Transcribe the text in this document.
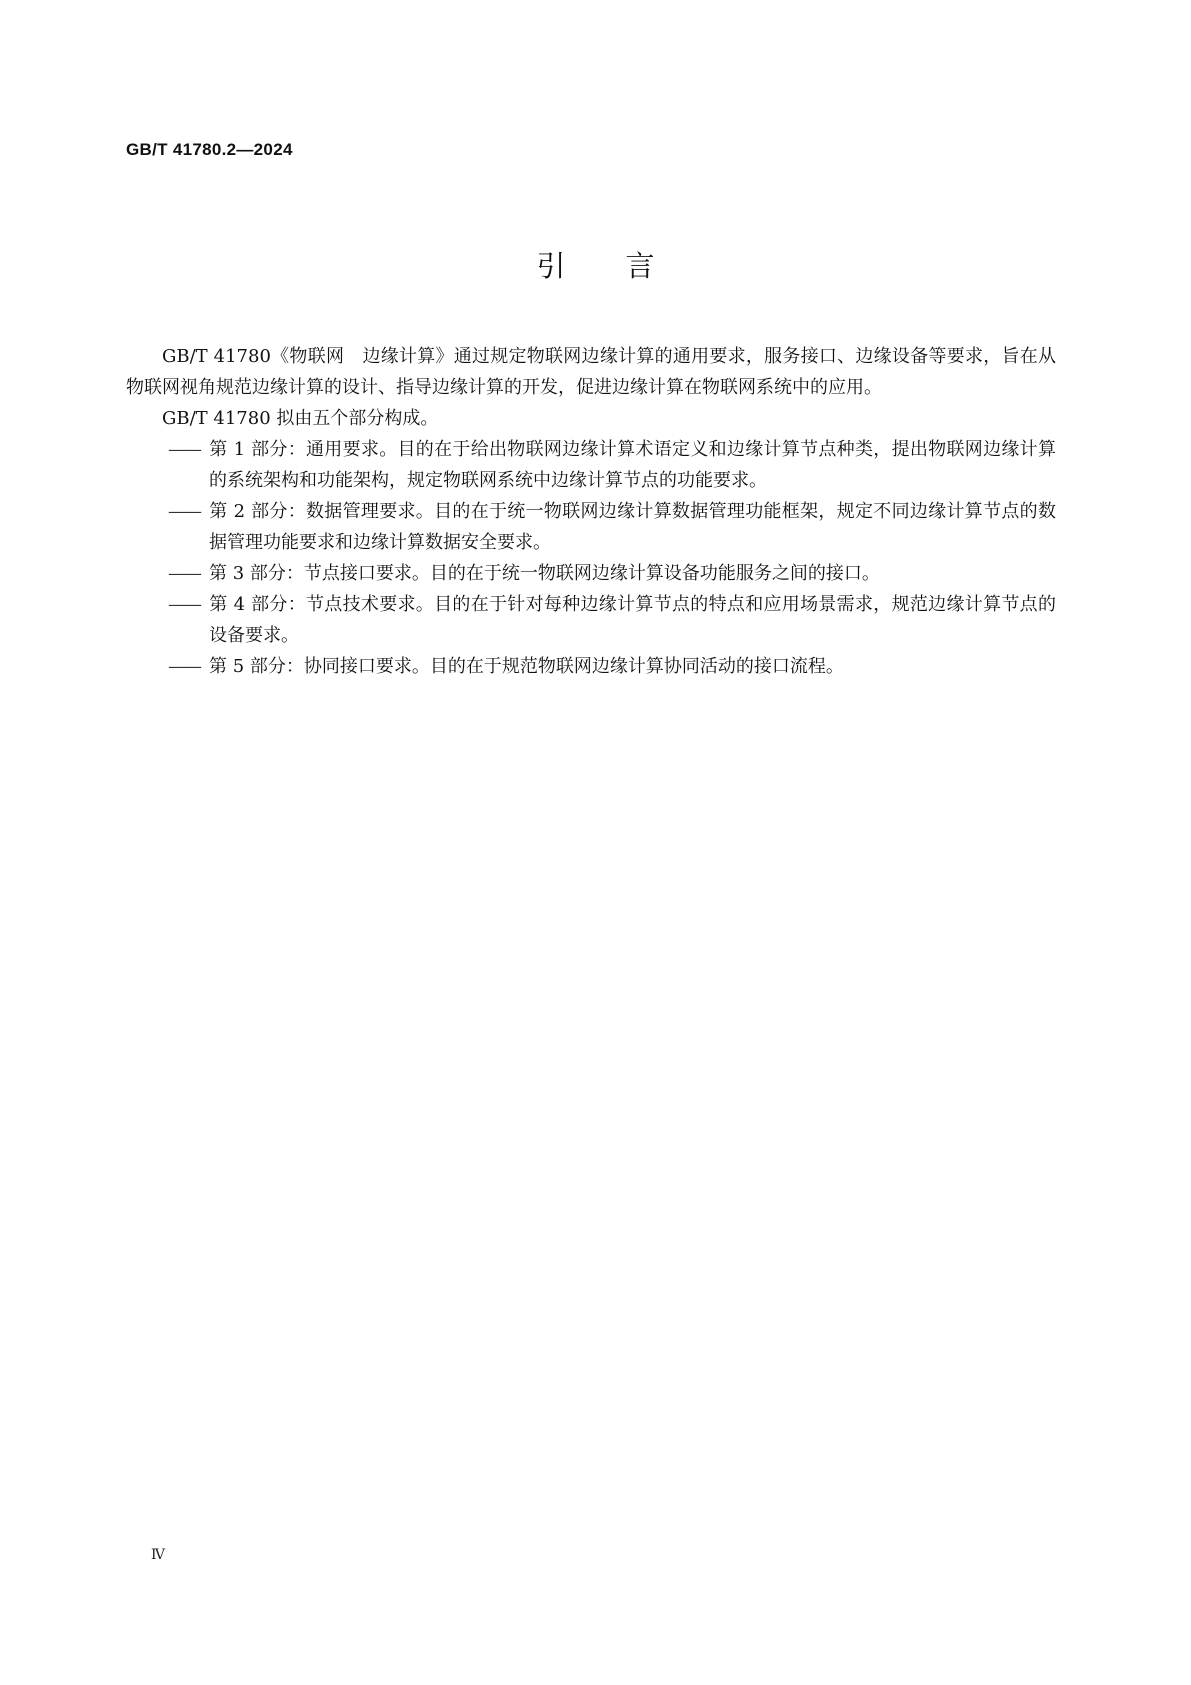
GB/T 41780.2—2024
引言

GB/T 41780《物联网　边缘计算》通过规定物联网边缘计算的通用要求，服务接口、边缘设备等要求，旨在从物联网视角规范边缘计算的设计、指导边缘计算的开发，促进边缘计算在物联网系统中的应用。

GB/T 41780 拟由五个部分构成。

—— 第 1 部分：通用要求。目的在于给出物联网边缘计算术语定义和边缘计算节点种类，提出物联网边缘计算的系统架构和功能架构，规定物联网系统中边缘计算节点的功能要求。

—— 第 2 部分：数据管理要求。目的在于统一物联网边缘计算数据管理功能框架，规定不同边缘计算节点的数据管理功能要求和边缘计算数据安全要求。

—— 第 3 部分：节点接口要求。目的在于统一物联网边缘计算设备功能服务之间的接口。

—— 第 4 部分：节点技术要求。目的在于针对每种边缘计算节点的特点和应用场景需求，规范边缘计算节点的设备要求。

—— 第 5 部分：协同接口要求。目的在于规范物联网边缘计算协同活动的接口流程。

Ⅳ
